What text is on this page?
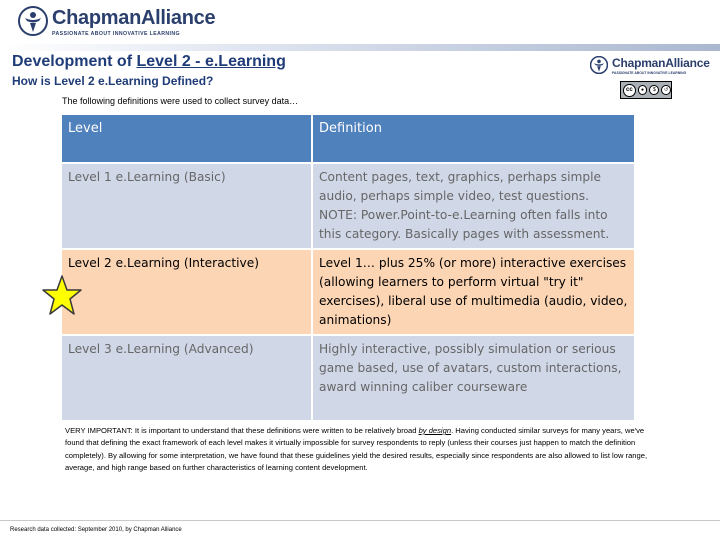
ChapmanAlliance
PASSIONATE ABOUT INNOVATIVE LEARNING
Development of Level 2 - e.Learning
How is Level 2 e.Learning Defined?
ChapmanAlliance
PASSIONATE ABOUT INNOVATIVE LEARNING
cc	●	$	↺
The following definitions were used to collect survey data…
Level	Definition
Level 1 e.Learning (Basic)	Content pages, text, graphics, perhaps simple audio, perhaps simple video, test questions. NOTE: Power.Point-to-e.Learning often falls into this category. Basically pages with assessment.
Level 2 e.Learning (Interactive)	Level 1… plus 25% (or more) interactive exercises (allowing learners to perform virtual "try it" exercises), liberal use of multimedia (audio, video, animations)
Level 3 e.Learning (Advanced)	Highly interactive, possibly simulation or serious game based, use of avatars, custom interactions, award winning caliber courseware
VERY IMPORTANT: It is important to understand that these definitions were written to be relatively broad by design. Having conducted similar surveys for many years, we've found that defining the exact framework of each level makes it virtually impossible for survey respondents to reply (unless their courses just happen to match the definition completely). By allowing for some interpretation, we have found that these guidelines yield the desired results, especially since respondents are also allowed to list low range, average, and high range based on further characteristics of learning content development.
Research data collected: September 2010, by Chapman Alliance
